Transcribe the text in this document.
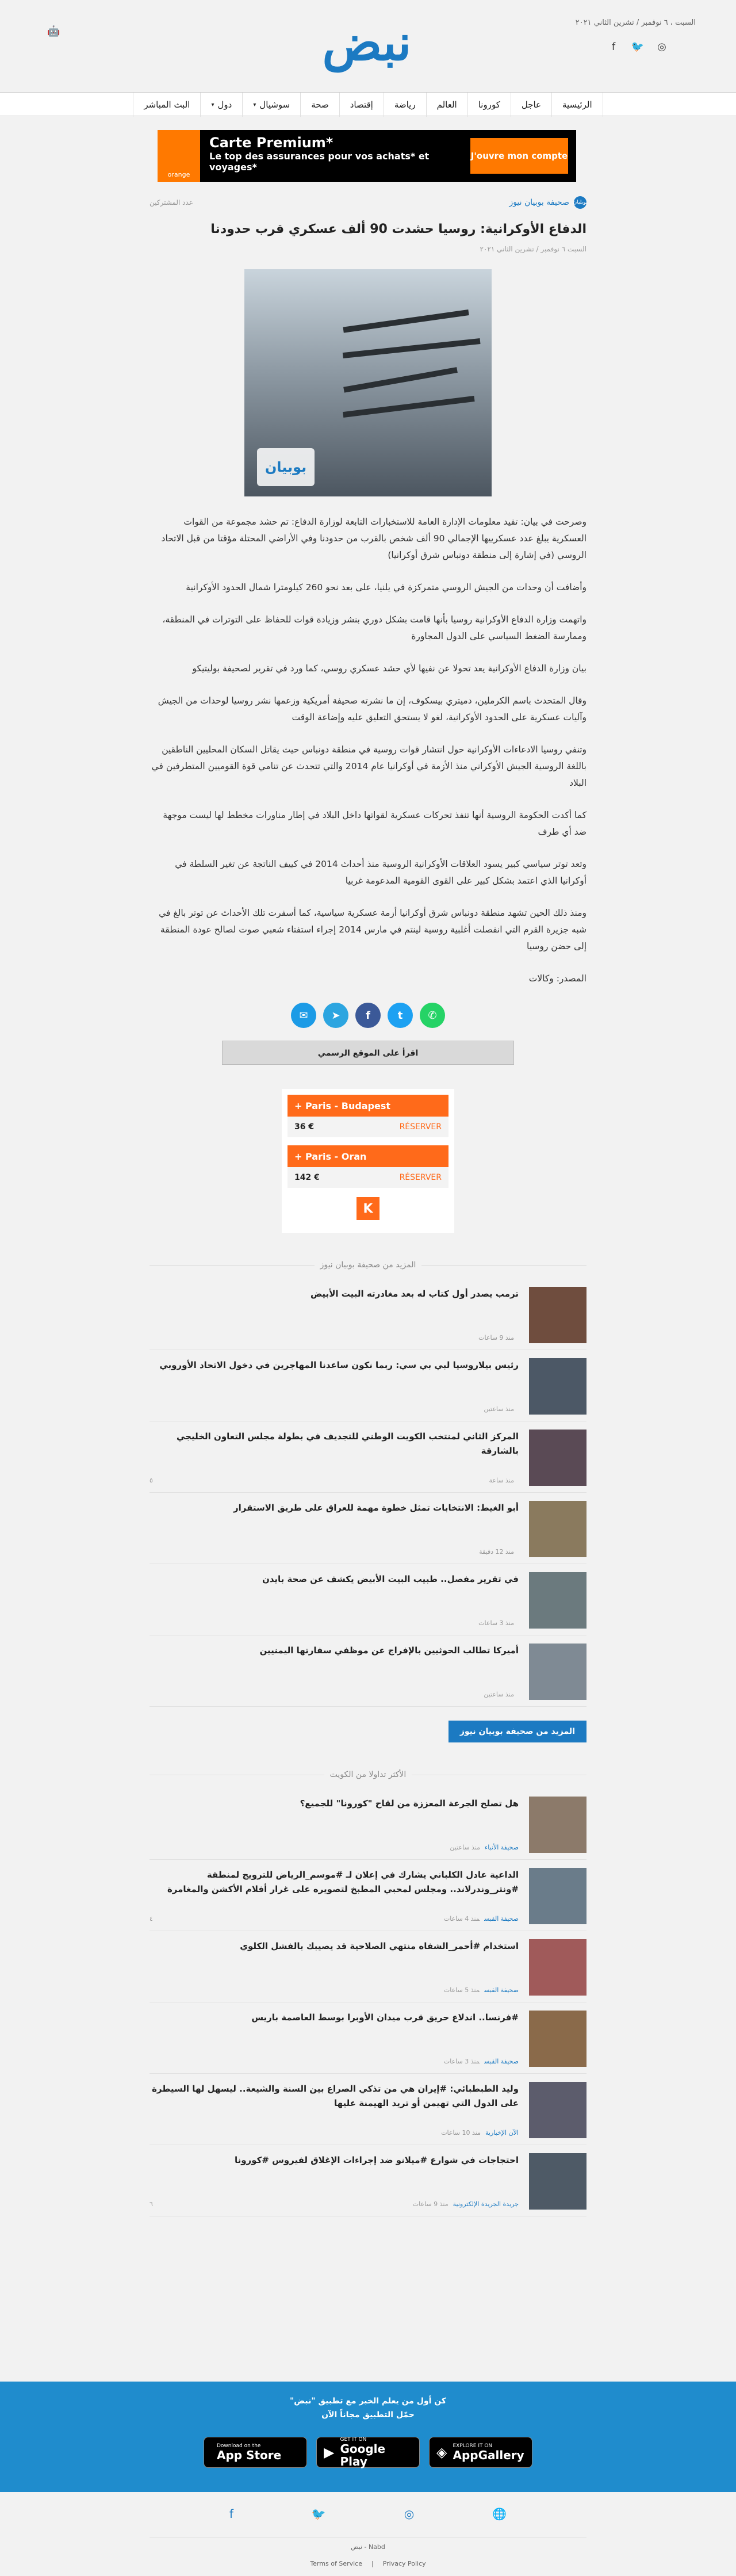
السبت ، ٦ نوفمبر / تشرين الثاني ٢٠٢١
f	🐦 ◎
نبض
🤖
الرئيسية
عاجل
كورونا
العالم
رياضة
إقتصاد
صحة
سوشيال
▾
دول
▾
البث المباشر
J'ouvre mon compte
Carte Premium*
Le top des assurances pour vos achats* et voyages*
orange
بوبليان
صحيفة بوبيان نيوز
عدد المشتركين
الدفاع الأوكرانية: روسيا حشدت 90 ألف عسكري قرب حدودنا
السبت ٦ نوفمبر / تشرين الثاني ٢٠٢١
بوبيان

وصرحت في بيان: تفيد معلومات الإدارة العامة للاستخبارات التابعة لوزارة الدفاع: تم حشد مجموعة من القوات العسكرية يبلغ عدد عسكرييها الإجمالي 90 ألف شخص بالقرب من حدودنا وفي الأراضي المحتلة مؤقتا من قبل الاتحاد الروسي (في إشارة إلى منطقة دونباس شرق أوكرانيا)

وأضافت أن وحدات من الجيش الروسي متمركزة في يلنيا، على بعد نحو 260 كيلومترا شمال الحدود الأوكرانية

واتهمت وزارة الدفاع الأوكرانية روسيا بأنها قامت بشكل دوري بنشر وزيادة قوات للحفاظ على التوترات في المنطقة، وممارسة الضغط السياسي على الدول المجاورة

بيان وزارة الدفاع الأوكرانية يعد تحولا عن نفيها لأي حشد عسكري روسي، كما ورد في تقرير لصحيفة بوليتيكو

وقال المتحدث باسم الكرملين، دميتري بيسكوف، إن ما نشرته صحيفة أمريكية وزعمها نشر روسيا لوحدات من الجيش وآليات عسكرية على الحدود الأوكرانية، لغو لا يستحق التعليق عليه وإضاعة الوقت

وتنفي روسيا الادعاءات الأوكرانية حول انتشار قوات روسية في منطقة دونباس حيث يقاتل السكان المحليين الناطقين باللغة الروسية الجيش الأوكراني منذ الأزمة في أوكرانيا عام 2014 والتي تتحدث عن تنامي قوة القوميين المتطرفين في البلاد

كما أكدت الحكومة الروسية أنها تنفذ تحركات عسكرية لقواتها داخل البلاد في إطار مناورات مخطط لها ليست موجهة ضد أي طرف

وتعد توتر سياسي كبير يسود العلاقات الأوكرانية الروسية منذ أحداث 2014 في كييف الناتجة عن تغير السلطة في أوكرانيا الذي اعتمد بشكل كبير على القوى القومية المدعومة غربيا

ومنذ ذلك الحين تشهد منطقة دونباس شرق أوكرانيا أزمة عسكرية سياسية، كما أسفرت تلك الأحداث عن توتر بالغ في شبه جزيرة القرم التي انفصلت أغلبية روسية لينتم في مارس 2014 إجراء استفتاء شعبي صوت لصالح عودة المنطقة إلى حضن روسيا

المصدر: وكالات

✆
t
f
➤
✉
اقرأ على الموقع الرسمي
+ Paris - Budapest
36 €	RÉSERVER
+ Paris - Oran
142 €	RÉSERVER
K
المزيد من صحيفة بوبيان نيوز
ترمب يصدر أول كتاب له بعد مغادرته البيت الأبيض
منذ 9 ساعات
رئيس بيلاروسيا لبي بي سي: ربما نكون ساعدنا المهاجرين في دخول الاتحاد الأوروبي
منذ ساعتين
المركز الثاني لمنتخب الكويت الوطني للتجديف في بطولة مجلس التعاون الخليجي بالشارقة
منذ ساعة
٥
أبو الغيط: الانتخابات تمثل خطوة مهمة للعراق على طريق الاستقرار
منذ 12 دقيقة
في تقرير مفصل.. طبيب البيت الأبيض يكشف عن صحة بايدن
منذ 3 ساعات
أميركا تطالب الحوثيين بالإفراج عن موظفي سفارتها اليمنيين
منذ ساعتين
المزيد من صحيفة بوبيان نيوز
الأكثر تداولا من الكويت
هل تصلح الجرعة المعززة من لقاح "كورونا" للجميع؟
صحيفة الأنباءمنذ ساعتين
الداعية عادل الكلباني يشارك في إعلان لـ #موسم_الرياض للترويج لمنطقة #ونتر_وندرلاند.. ومجلس لمحبي المطبخ لتصويره على غرار أفلام الأكشن والمغامرة
صحيفة القبسمنذ 4 ساعات
٤
استخدام #أحمر_الشفاه منتهي الصلاحية قد يصيبك بالفشل الكلوي
صحيفة القبسمنذ 5 ساعات
#فرنسا.. اندلاع حريق قرب ميدان الأوبرا بوسط العاصمة باريس
صحيفة القبسمنذ 3 ساعات
وليد الطبطبائي: #إيران هي من تذكي الصراع بين السنة والشيعة.. ليسهل لها السيطرة على الدول التي تهيمن أو تريد الهيمنة عليها
الآن الإخباريةمنذ 10 ساعات
احتجاجات في شوارع #ميلانو ضد إجراءات الإغلاق لفيروس #كورونا
جريدة الجريدة الإلكترونيةمنذ 9 ساعات
٦
كن أول من يعلم الخبر مع تطبيق "نبض"
حمّل التطبيق مجاناً الآن
Download on the
App Store	▶
GET IT ON
Google Play
◈ EXPLORE IT ON
AppGallery
🌐
◎
🐦
f
Nabd - نبض
Terms of Service | Privacy Policy
